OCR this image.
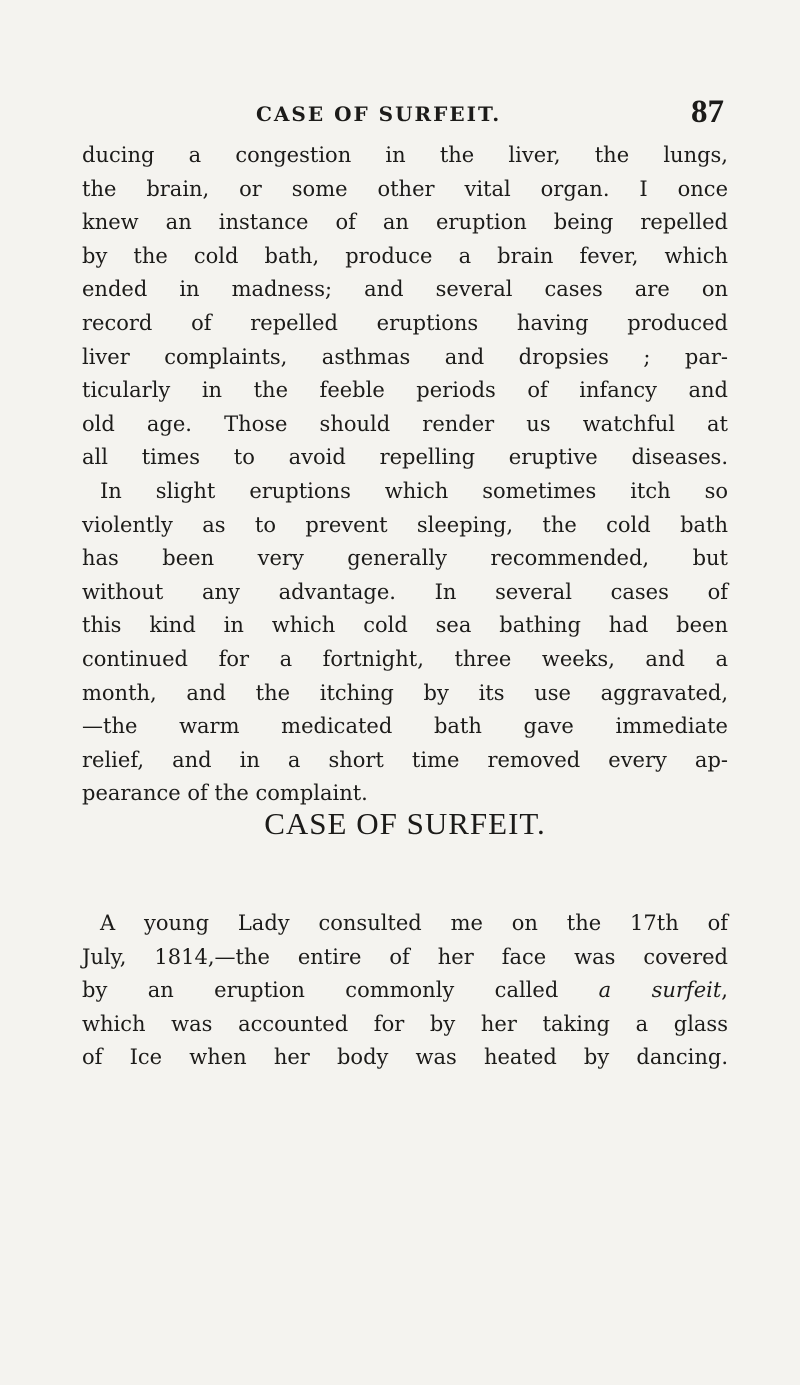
CASE OF SURFEIT.	87
ducing a congestion in the liver, the lungs,
the brain, or some other vital organ. I once
knew an instance of an eruption being repelled
by the cold bath, produce a brain fever, which
ended in madness; and several cases are on
record of repelled eruptions having produced
liver complaints, asthmas and dropsies ; par-
ticularly in the feeble periods of infancy and
old age. Those should render us watchful at
all times to avoid repelling eruptive diseases.
In slight eruptions which sometimes itch so
violently as to prevent sleeping, the cold bath
has been very generally recommended, but
without any advantage. In several cases of
this kind in which cold sea bathing had been
continued for a fortnight, three weeks, and a
month, and the itching by its use aggravated,
—the warm medicated bath gave immediate
relief, and in a short time removed every ap-
pearance of the complaint.
CASE OF SURFEIT.
A young Lady consulted me on the 17th of
July, 1814,—the entire of her face was covered
by an eruption commonly called a surfeit,
which was accounted for by her taking a glass
of Ice when her body was heated by dancing.
